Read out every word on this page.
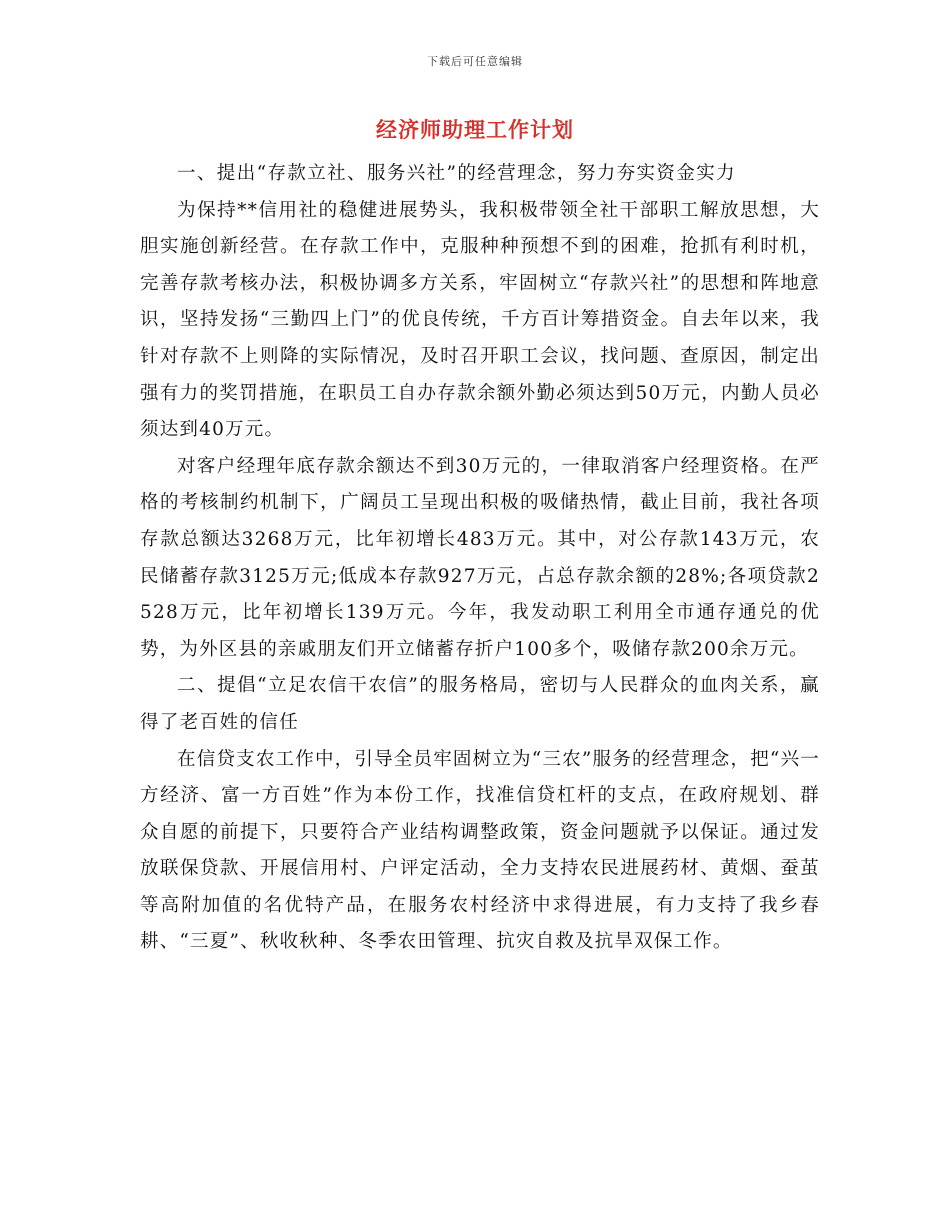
下载后可任意编辑
经济师助理工作计划

一、提出“存款立社、服务兴社”的经营理念，努力夯实资金实力

为保持**信用社的稳健进展势头，我积极带领全社干部职工解放思想，大胆实施创新经营。在存款工作中，克服种种预想不到的困难，抢抓有利时机，完善存款考核办法，积极协调多方关系，牢固树立“存款兴社”的思想和阵地意识，坚持发扬“三勤四上门”的优良传统，千方百计筹措资金。自去年以来，我针对存款不上则降的实际情况，及时召开职工会议，找问题、查原因，制定出强有力的奖罚措施，在职员工自办存款余额外勤必须达到50万元，内勤人员必须达到40万元。

对客户经理年底存款余额达不到30万元的，一律取消客户经理资格。在严格的考核制约机制下，广阔员工呈现出积极的吸储热情，截止目前，我社各项存款总额达3268万元，比年初增长483万元。其中，对公存款143万元，农民储蓄存款3125万元;低成本存款927万元，占总存款余额的28%;各项贷款2528万元，比年初增长139万元。今年，我发动职工利用全市通存通兑的优势，为外区县的亲戚朋友们开立储蓄存折户100多个，吸储存款200余万元。

二、提倡“立足农信干农信”的服务格局，密切与人民群众的血肉关系，赢得了老百姓的信任

在信贷支农工作中，引导全员牢固树立为“三农”服务的经营理念，把“兴一方经济、富一方百姓”作为本份工作，找准信贷杠杆的支点，在政府规划、群众自愿的前提下，只要符合产业结构调整政策，资金问题就予以保证。通过发放联保贷款、开展信用村、户评定活动，全力支持农民进展药材、黄烟、蚕茧等高附加值的名优特产品，在服务农村经济中求得进展，有力支持了我乡春耕、“三夏”、秋收秋种、冬季农田管理、抗灾自救及抗旱双保工作。
